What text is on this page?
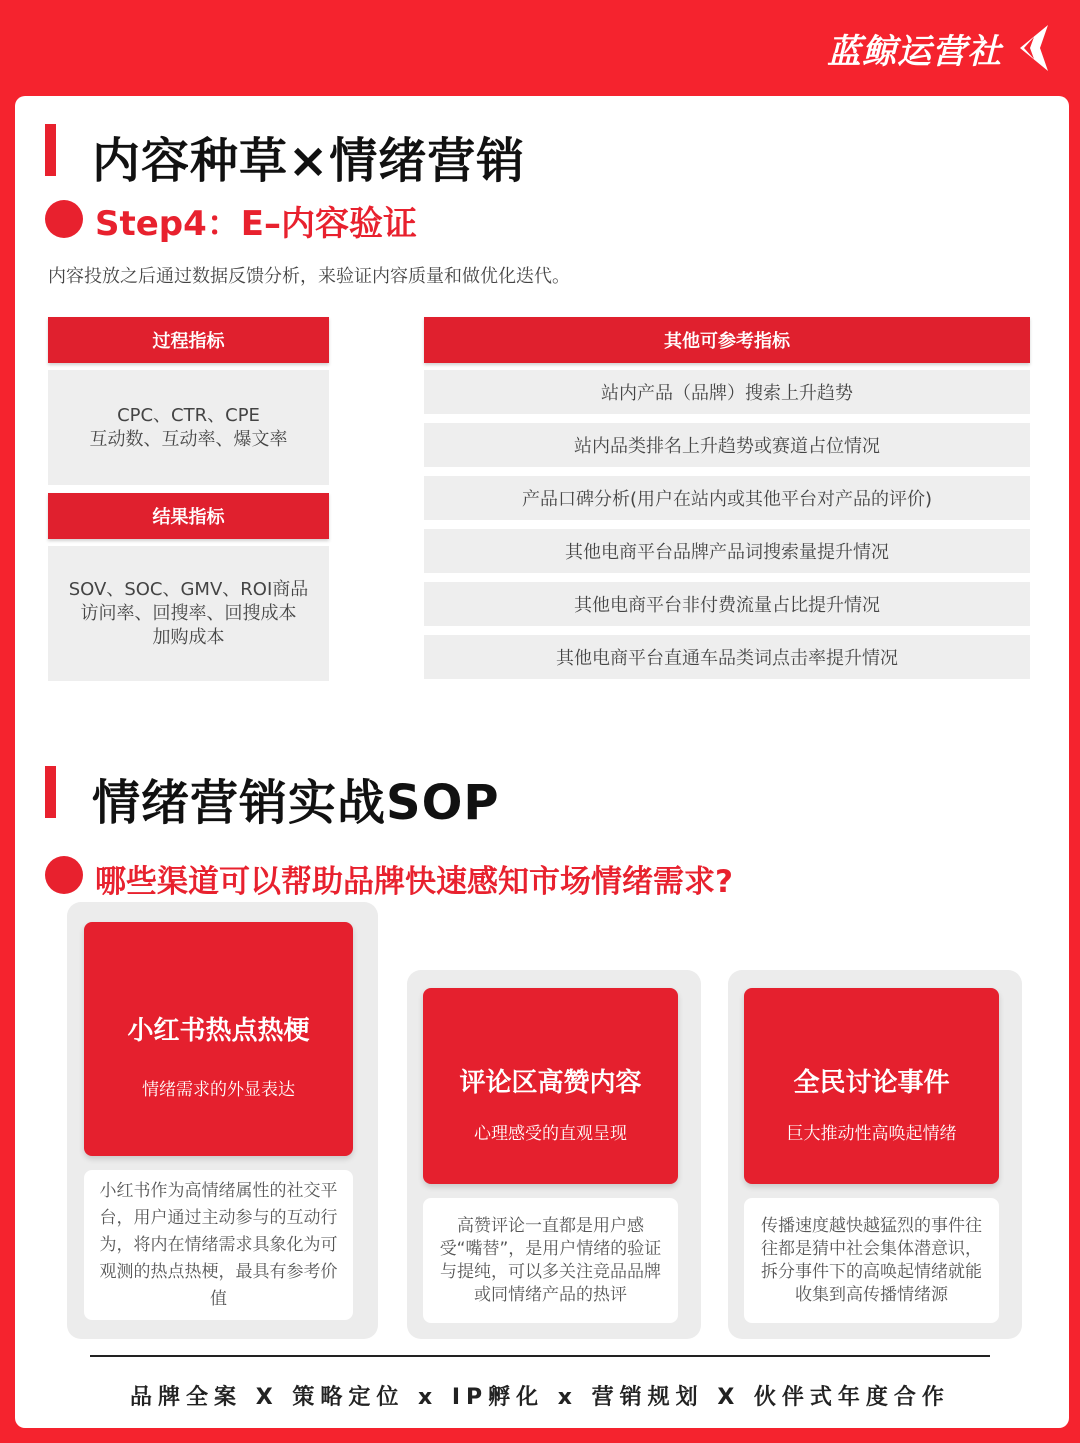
蓝鲸运营社
内容种草×情绪营销
Step4：E–内容验证
内容投放之后通过数据反馈分析，来验证内容质量和做优化迭代。
过程指标
CPC、CTR、CPE
互动数、互动率、爆文率
结果指标
SOV、SOC、GMV、ROI商品
访问率、回搜率、回搜成本
加购成本
其他可参考指标
站内产品（品牌）搜索上升趋势
站内品类排名上升趋势或赛道占位情况
产品口碑分析(用户在站内或其他平台对产品的评价)
其他电商平台品牌产品词搜索量提升情况
其他电商平台非付费流量占比提升情况
其他电商平台直通车品类词点击率提升情况
情绪营销实战SOP
哪些渠道可以帮助品牌快速感知市场情绪需求?
小红书热点热梗
情绪需求的外显表达
小红书作为高情绪属性的社交平台，用户通过主动参与的互动行为，将内在情绪需求具象化为可观测的热点热梗，最具有参考价值
评论区高赞内容
心理感受的直观呈现
高赞评论一直都是用户感受“嘴替”，是用户情绪的验证与提纯，可以多关注竞品品牌或同情绪产品的热评
全民讨论事件
巨大推动性高唤起情绪
传播速度越快越猛烈的事件往往都是猜中社会集体潜意识，拆分事件下的高唤起情绪就能收集到高传播情绪源
品牌全案 X 策略定位 x IP孵化 x 营销规划 X 伙伴式年度合作
